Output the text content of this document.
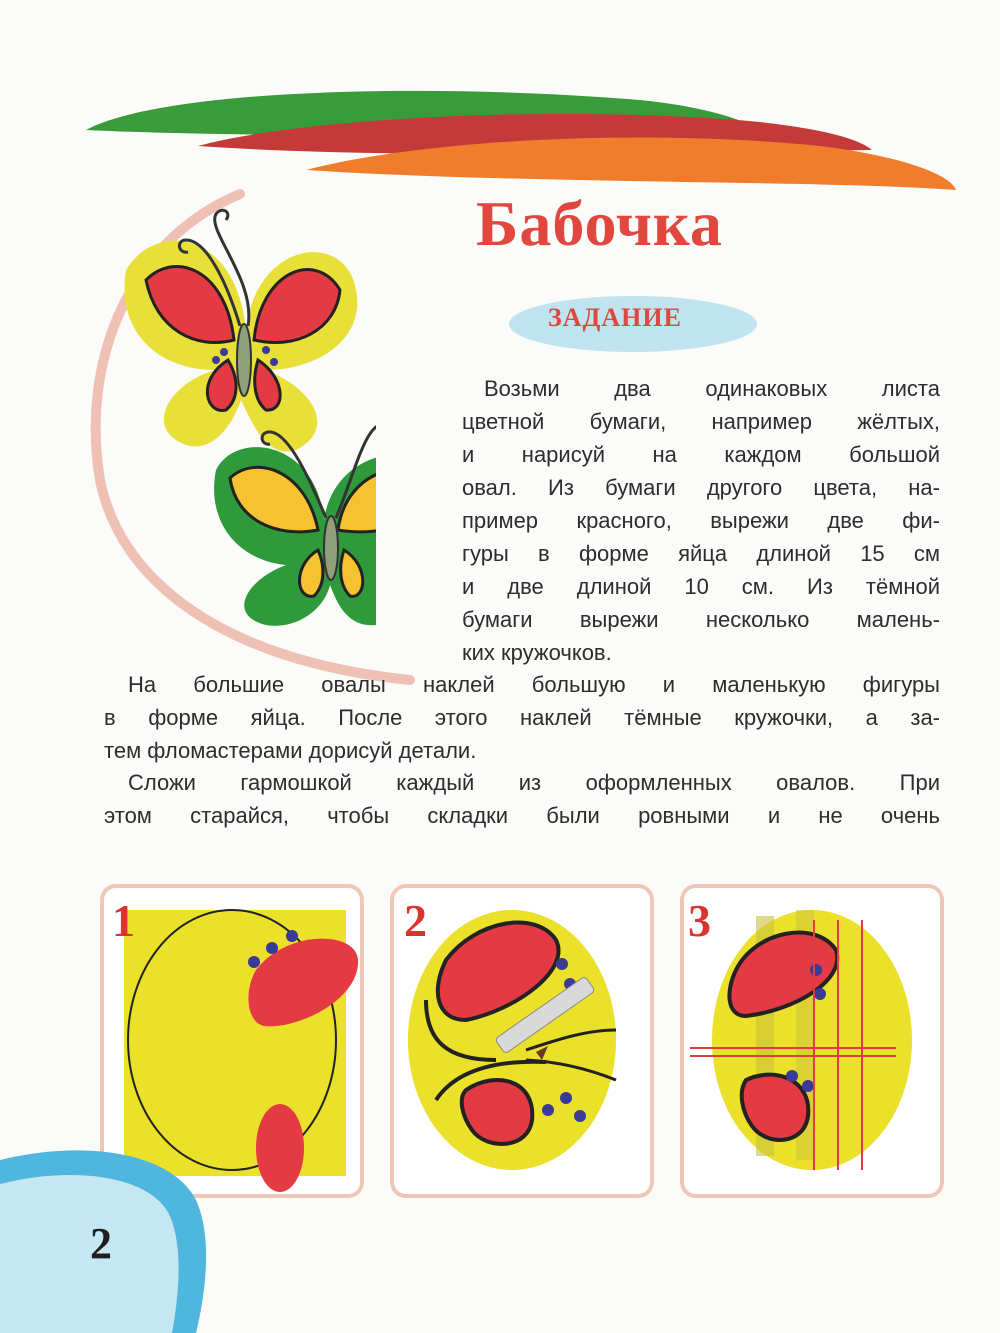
Бабочка
ЗАДАНИЕ
Возьми два одинаковых листа
цветной бумаги, например жёлтых,
и нарисуй на каждом большой
овал. Из бумаги другого цвета, на-
пример красного, вырежи две фи-
гуры в форме яйца длиной 15 см
и две длиной 10 см. Из тёмной
бумаги вырежи несколько малень-
ких кружочков.
На большие овалы наклей большую и маленькую фигуры
в форме яйца. После этого наклей тёмные кружочки, а за-
тем фломастерами дорисуй детали.
Сложи гармошкой каждый из оформленных овалов. При
этом старайся, чтобы складки были ровными и не очень
1	2	3
2
